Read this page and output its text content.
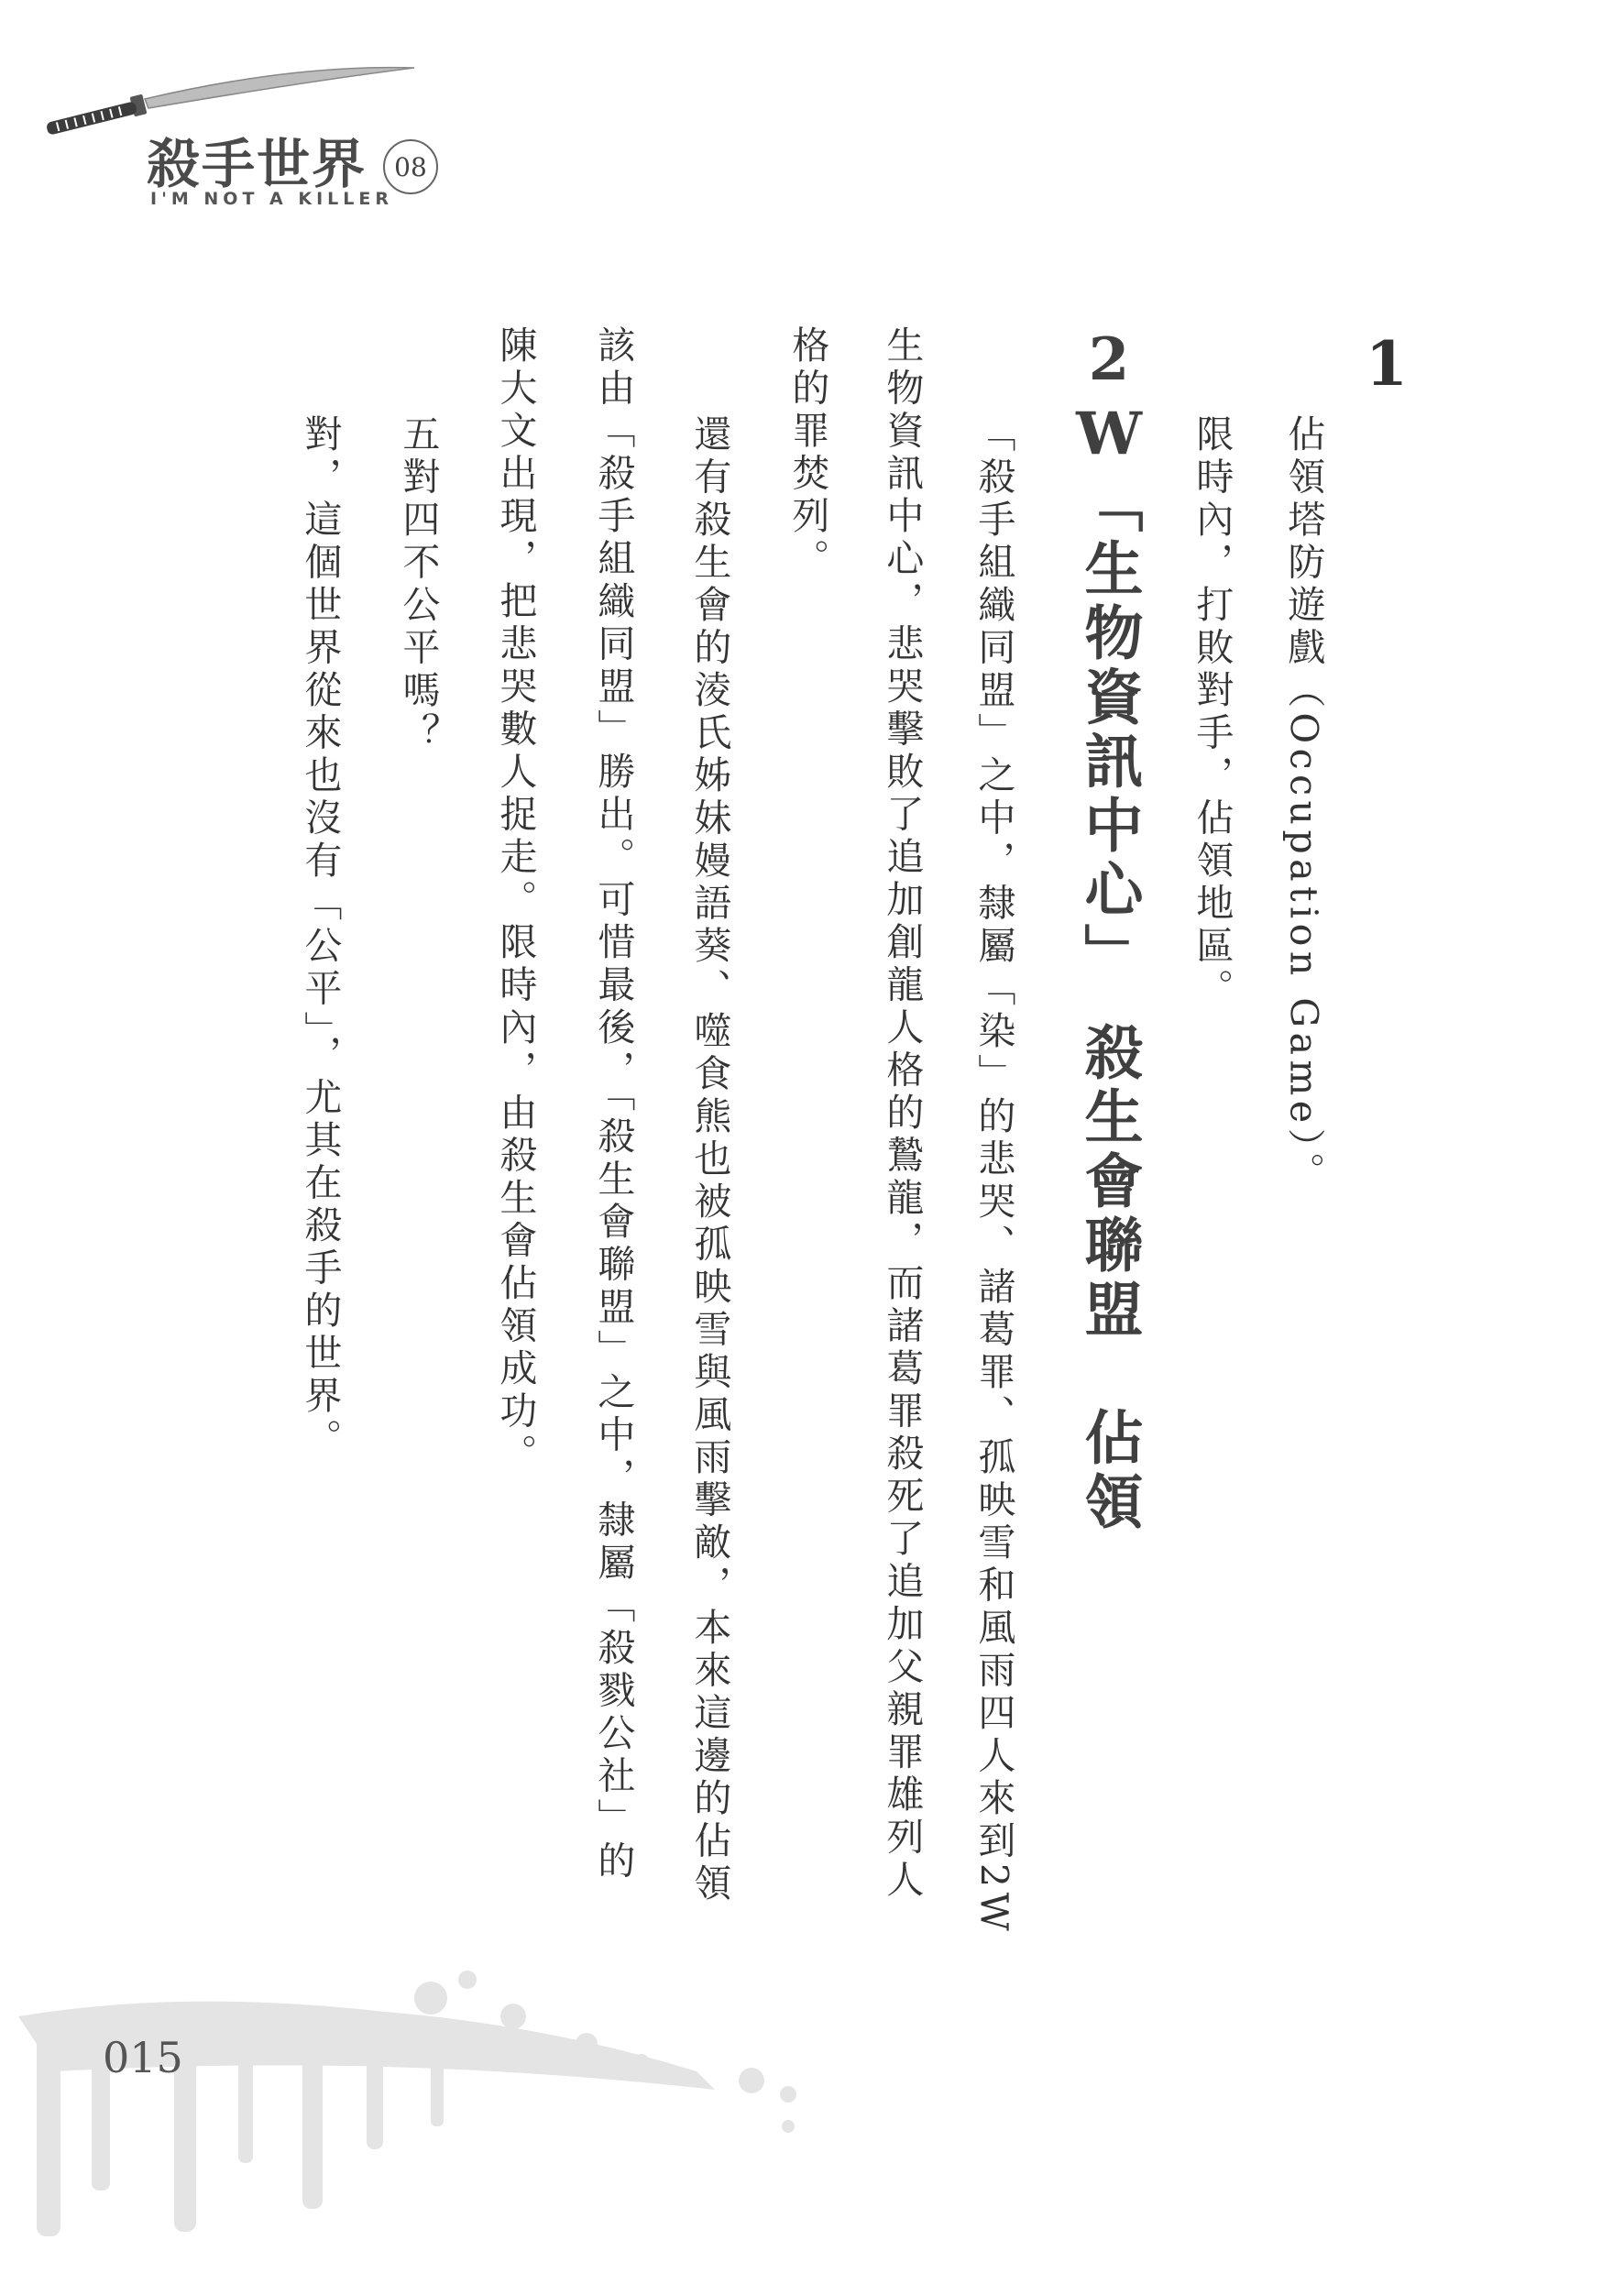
殺手世界
I'M NOT A KILLER
08
1
佔領塔防遊戲（Occupation Game）。
限時內，打敗對手，佔領地區。
2W「生物資訊中心」　殺生會聯盟　佔領
「殺手組織同盟」之中，隸屬「染」的悲哭、諸葛罪、孤映雪和風雨四人來到2W
生物資訊中心，悲哭擊敗了追加創龍人格的鷙龍，而諸葛罪殺死了追加父親罪雄列人
格的罪焚列。
還有殺生會的淩氏姊妹嫚語葵、噬食熊也被孤映雪與風雨擊敵，本來這邊的佔領
該由「殺手組織同盟」勝出。可惜最後，「殺生會聯盟」之中，隸屬「殺戮公社」的
陳大文出現，把悲哭數人捉走。限時內，由殺生會佔領成功。
五對四不公平嗎？
對，這個世界從來也沒有「公平」，尤其在殺手的世界。
015
